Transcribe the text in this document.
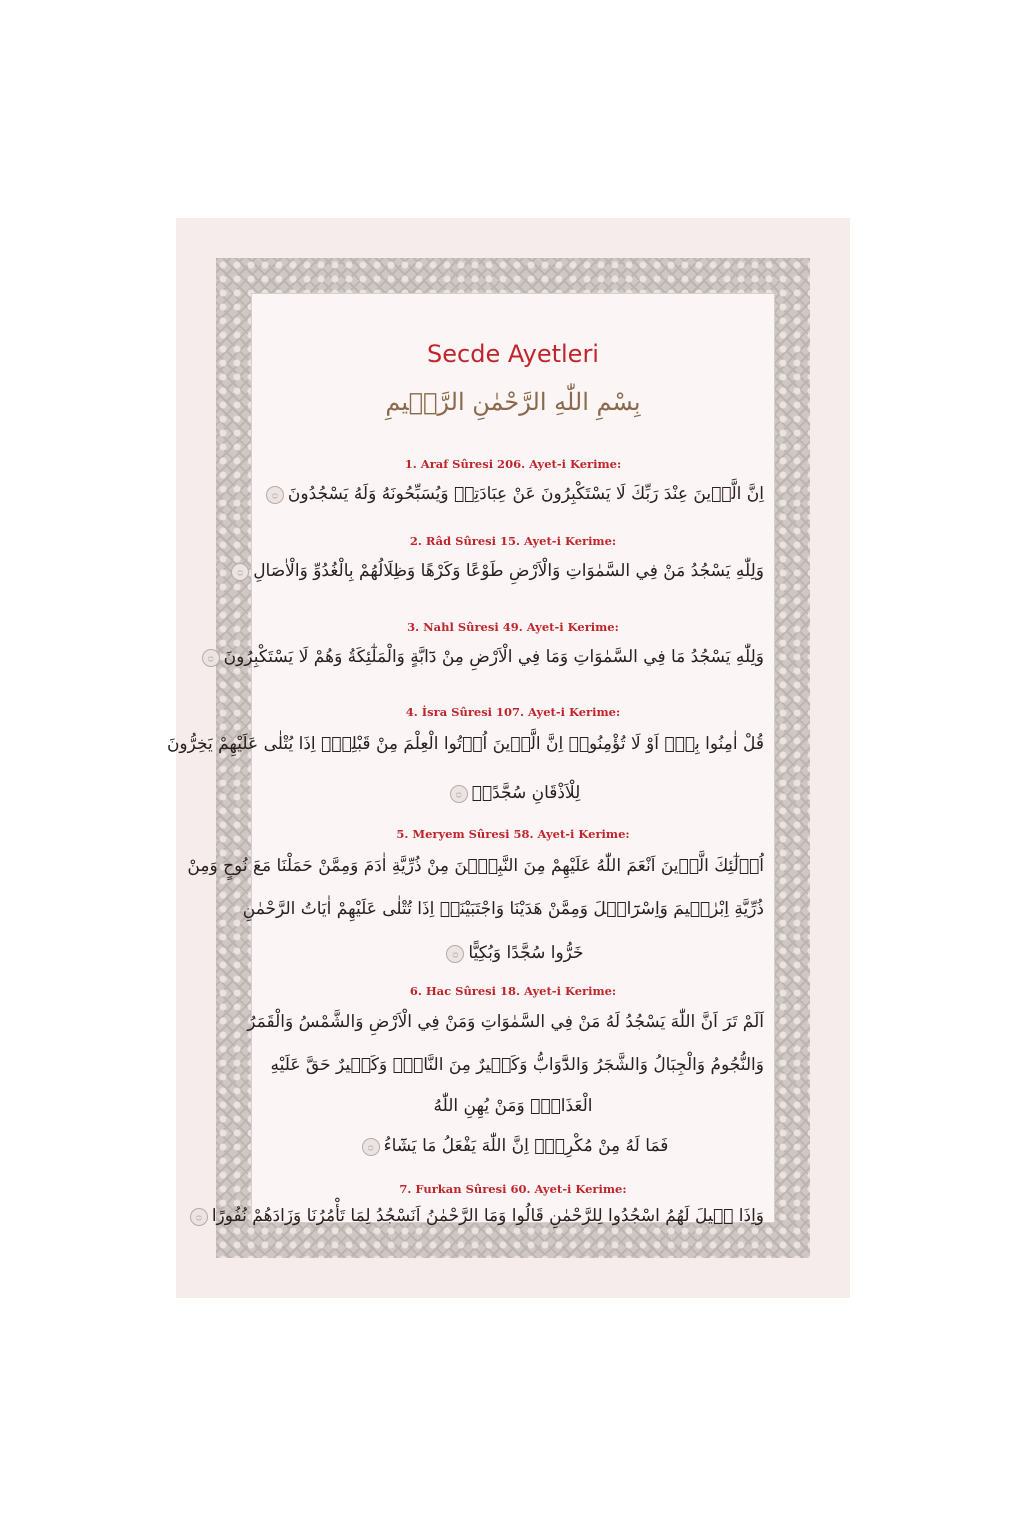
Secde Ayetleri
بِسْمِ اللّٰهِ الرَّحْمٰنِ الرَّح۪يمِ
1. Araf Sûresi 206. Ayet-i Kerime:
اِنَّ الَّذ۪ينَ عِنْدَ رَبِّكَ لَا يَسْتَكْبِرُونَ عَنْ عِبَادَتِه۪ وَيُسَبِّحُونَهُ وَلَهُ يَسْجُدُونَ۝
2. Râd Sûresi 15. Ayet-i Kerime:
وَلِلّٰهِ يَسْجُدُ مَنْ فِي السَّمٰوَاتِ وَالْاَرْضِ طَوْعًا وَكَرْهًا وَظِلَالُهُمْ بِالْغُدُوِّ وَالْاٰصَالِ۝
3. Nahl Sûresi 49. Ayet-i Kerime:
وَلِلّٰهِ يَسْجُدُ مَا فِي السَّمٰوَاتِ وَمَا فِي الْاَرْضِ مِنْ دَٓابَّةٍ وَالْمَلٰٓئِكَةُ وَهُمْ لَا يَسْتَكْبِرُونَ۝
4. İsra Sûresi 107. Ayet-i Kerime:
قُلْ اٰمِنُوا بِه۪ٓ اَوْ لَا تُؤْمِنُواۜ اِنَّ الَّذ۪ينَ اُو۫تُوا الْعِلْمَ مِنْ قَبْلِه۪ٓ اِذَا يُتْلٰى عَلَيْهِمْ يَخِرُّونَ
لِلْاَذْقَانِ سُجَّدًاۙ۝
5. Meryem Sûresi 58. Ayet-i Kerime:
اُو۬لٰٓئِكَ الَّذ۪ينَ اَنْعَمَ اللّٰهُ عَلَيْهِمْ مِنَ النَّبِيّ۪نَ مِنْ ذُرِّيَّةِ اٰدَمَ وَمِمَّنْ حَمَلْنَا مَعَ نُوحٍ وَمِنْ
ذُرِّيَّةِ اِبْرٰه۪يمَ وَاِسْرَٓائ۪لَ وَمِمَّنْ هَدَيْنَا وَاجْتَبَيْنَاۜ اِذَا تُتْلٰى عَلَيْهِمْ اٰيَاتُ الرَّحْمٰنِ
خَرُّوا سُجَّدًا وَبُكِيًّا۝
6. Hac Sûresi 18. Ayet-i Kerime:
اَلَمْ تَرَ اَنَّ اللّٰهَ يَسْجُدُ لَهُ مَنْ فِي السَّمٰوَاتِ وَمَنْ فِي الْاَرْضِ وَالشَّمْسُ وَالْقَمَرُ
وَالنُّجُومُ وَالْجِبَالُ وَالشَّجَرُ وَالدَّٓوَابُّ وَكَث۪يرٌ مِنَ النَّاسِۜ وَكَث۪يرٌ حَقَّ عَلَيْهِ
الْعَذَابُۜ وَمَنْ يُهِنِ اللّٰهُ
فَمَا لَهُ مِنْ مُكْرِمٍۜ اِنَّ اللّٰهَ يَفْعَلُ مَا يَشَٓاءُ۝
7. Furkan Sûresi 60. Ayet-i Kerime:
وَاِذَا ق۪يلَ لَهُمُ اسْجُدُوا لِلرَّحْمٰنِ قَالُوا وَمَا الرَّحْمٰنُ اَنَسْجُدُ لِمَا تَأْمُرُنَا وَزَادَهُمْ نُفُورًا۝
